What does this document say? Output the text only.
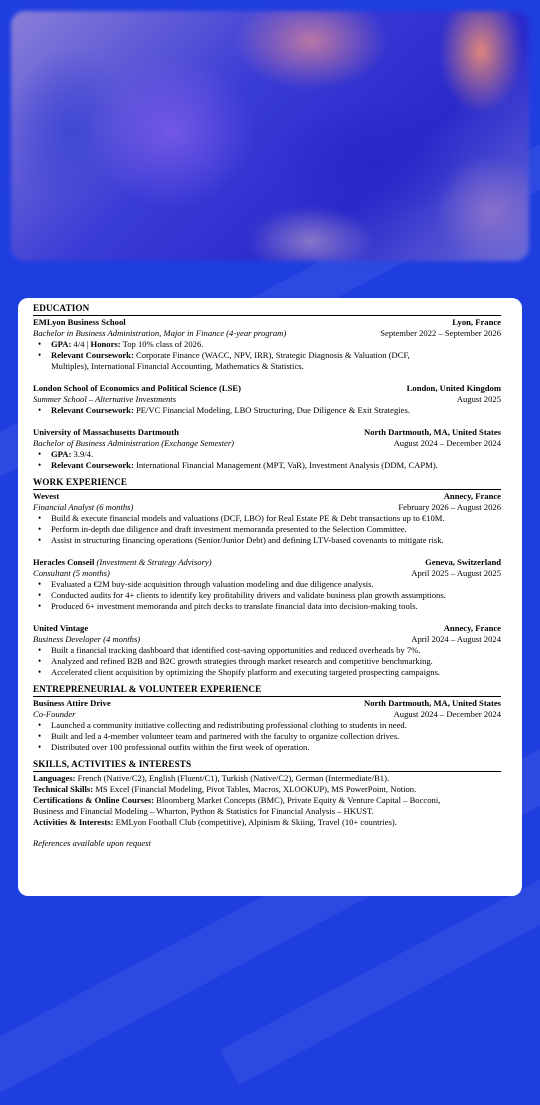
EDUCATION
EMLyon Business School	Lyon, France
Bachelor in Business Administration, Major in Finance (4-year program)	September 2022 – September 2026
• GPA: 4/4 | Honors: Top 10% class of 2026.
• Relevant Coursework: Corporate Finance (WACC, NPV, IRR), Strategic Diagnosis & Valuation (DCF,
Multiples), International Financial Accounting, Mathematics & Statistics.
London School of Economics and Political Science (LSE)	London, United Kingdom
Summer School – Alternative Investments	August 2025
• Relevant Coursework: PE/VC Financial Modeling, LBO Structuring, Due Diligence & Exit Strategies.
University of Massachusetts Dartmouth	North Dartmouth, MA, United States
Bachelor of Business Administration (Exchange Semester)	August 2024 – December 2024
• GPA: 3.9/4.
• Relevant Coursework: International Financial Management (MPT, VaR), Investment Analysis (DDM, CAPM).
WORK EXPERIENCE
Wevest	Annecy, France
Financial Analyst (6 months)	February 2026 – August 2026
• Build & execute financial models and valuations (DCF, LBO) for Real Estate PE & Debt transactions up to €10M.
• Perform in-depth due diligence and draft investment memoranda presented to the Selection Committee.
• Assist in structuring financing operations (Senior/Junior Debt) and defining LTV-based covenants to mitigate risk.
Heracles Conseil (Investment & Strategy Advisory)	Geneva, Switzerland
Consultant (5 months)	April 2025 – August 2025
• Evaluated a €2M buy-side acquisition through valuation modeling and due diligence analysis.
• Conducted audits for 4+ clients to identify key profitability drivers and validate business plan growth assumptions.
• Produced 6+ investment memoranda and pitch decks to translate financial data into decision-making tools.
United Vintage	Annecy, France
Business Developer (4 months)	April 2024 – August 2024
• Built a financial tracking dashboard that identified cost-saving opportunities and reduced overheads by 7%.
• Analyzed and refined B2B and B2C growth strategies through market research and competitive benchmarking.
• Accelerated client acquisition by optimizing the Shopify platform and executing targeted prospecting campaigns.
ENTREPRENEURIAL & VOLUNTEER EXPERIENCE
Business Attire Drive	North Dartmouth, MA, United States
Co-Founder	August 2024 – December 2024
• Launched a community initiative collecting and redistributing professional clothing to students in need.
• Built and led a 4-member volunteer team and partnered with the faculty to organize collection drives.
• Distributed over 100 professional outfits within the first week of operation.
SKILLS, ACTIVITIES & INTERESTS
Languages: French (Native/C2), English (Fluent/C1), Turkish (Native/C2), German (Intermediate/B1).
Technical Skills: MS Excel (Financial Modeling, Pivot Tables, Macros, XLOOKUP), MS PowerPoint, Notion.
Certifications & Online Courses: Bloomberg Market Concepts (BMC), Private Equity & Venture Capital – Bocconi,
Business and Financial Modeling – Wharton, Python & Statistics for Financial Analysis – HKUST.
Activities & Interests: EMLyon Football Club (competitive), Alpinism & Skiing, Travel (10+ countries).
References available upon request
